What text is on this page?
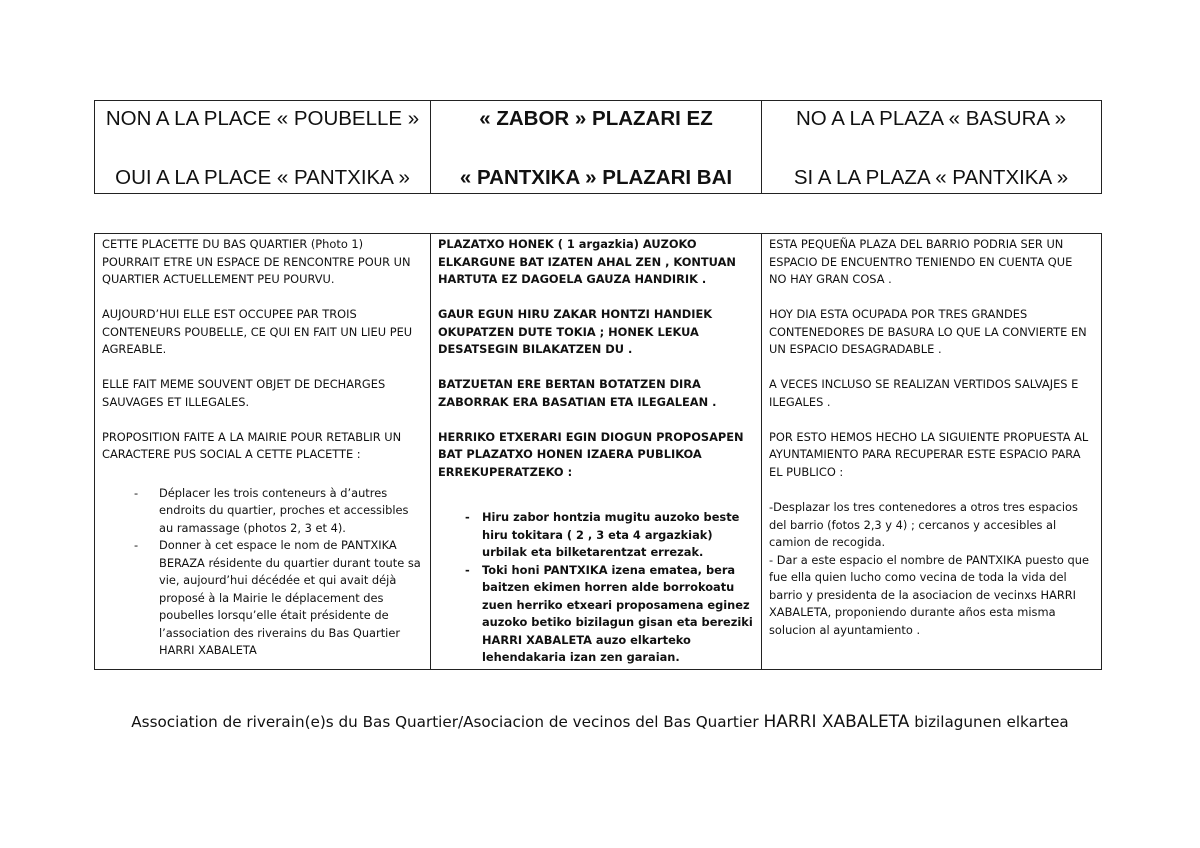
NON A LA PLACE « POUBELLE »
OUI A LA PLACE « PANTXIKA »
« ZABOR » PLAZARI EZ
« PANTXIKA » PLAZARI BAI
NO A LA PLAZA « BASURA »
SI A LA PLAZA « PANTXIKA »

CETTE PLACETTE DU BAS QUARTIER (Photo 1) POURRAIT ETRE UN ESPACE DE RENCONTRE POUR UN QUARTIER ACTUELLEMENT PEU POURVU.

AUJOURD’HUI ELLE EST OCCUPEE PAR TROIS CONTENEURS POUBELLE, CE QUI EN FAIT UN LIEU PEU AGREABLE.

ELLE FAIT MEME SOUVENT OBJET DE DECHARGES SAUVAGES ET ILLEGALES.

PROPOSITION FAITE A LA MAIRIE POUR RETABLIR UN CARACTERE PUS SOCIAL A CETTE PLACETTE :

- Déplacer les trois conteneurs à d’autres endroits du quartier, proches et accessibles au ramassage (photos 2, 3 et 4).
- Donner à cet espace le nom de PANTXIKA BERAZA résidente du quartier durant toute sa vie, aujourd’hui décédée et qui avait déjà proposé à la Mairie le déplacement des poubelles lorsqu’elle était présidente de l’association des riverains du Bas Quartier HARRI XABALETA

PLAZATXO HONEK ( 1 argazkia) AUZOKO ELKARGUNE BAT IZATEN AHAL ZEN , KONTUAN HARTUTA EZ DAGOELA GAUZA HANDIRIK .

GAUR EGUN HIRU ZAKAR HONTZI HANDIEK OKUPATZEN DUTE TOKIA ; HONEK LEKUA DESATSEGIN BILAKATZEN DU .

BATZUETAN ERE BERTAN BOTATZEN DIRA ZABORRAK ERA BASATIAN ETA ILEGALEAN .

HERRIKO ETXERARI EGIN DIOGUN PROPOSAPEN BAT PLAZATXO HONEN IZAERA PUBLIKOA ERREKUPERATZEKO :

- Hiru zabor hontzia mugitu auzoko beste hiru tokitara ( 2 , 3 eta 4 argazkiak) urbilak eta bilketarentzat errezak.
- Toki honi PANTXIKA izena ematea, bera baitzen ekimen horren alde borrokoatu zuen herriko etxeari proposamena eginez auzoko betiko bizilagun gisan eta bereziki HARRI XABALETA auzo elkarteko lehendakaria izan zen garaian.

ESTA PEQUEÑA PLAZA DEL BARRIO PODRIA SER UN ESPACIO DE ENCUENTRO TENIENDO EN CUENTA QUE NO HAY GRAN COSA .

HOY DIA ESTA OCUPADA POR TRES GRANDES CONTENEDORES DE BASURA LO QUE LA CONVIERTE EN UN ESPACIO DESAGRADABLE .

A VECES INCLUSO SE REALIZAN VERTIDOS SALVAJES E ILEGALES .

POR ESTO HEMOS HECHO LA SIGUIENTE PROPUESTA AL AYUNTAMIENTO PARA RECUPERAR ESTE ESPACIO PARA EL PUBLICO :

-Desplazar los tres contenedores a otros tres espacios del barrio (fotos 2,3 y 4) ; cercanos y accesibles al camion de recogida.

- Dar a este espacio el nombre de PANTXIKA puesto que fue ella quien lucho como vecina de toda la vida del barrio y presidenta de la asociacion de vecinxs HARRI XABALETA, proponiendo durante años esta misma solucion al ayuntamiento .

Association de riverain(e)s du Bas Quartier/Asociacion de vecinos del Bas Quartier HARRI XABALETA bizilagunen elkartea
